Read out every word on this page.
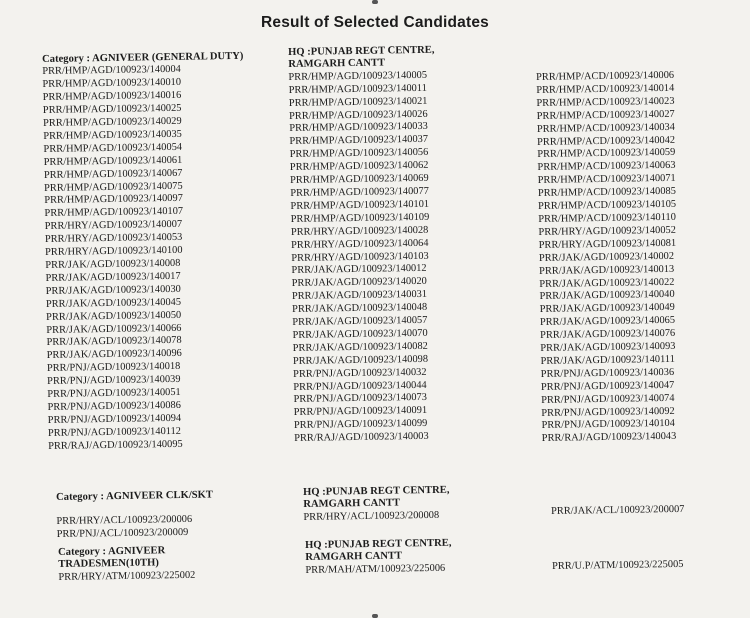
Result of Selected Candidates
Category : AGNIVEER (GENERAL DUTY)
PRR/HMP/AGD/100923/140004
PRR/HMP/AGD/100923/140010
PRR/HMP/AGD/100923/140016
PRR/HMP/AGD/100923/140025
PRR/HMP/AGD/100923/140029
PRR/HMP/AGD/100923/140035
PRR/HMP/AGD/100923/140054
PRR/HMP/AGD/100923/140061
PRR/HMP/AGD/100923/140067
PRR/HMP/AGD/100923/140075
PRR/HMP/AGD/100923/140097
PRR/HMP/AGD/100923/140107
PRR/HRY/AGD/100923/140007
PRR/HRY/AGD/100923/140053
PRR/HRY/AGD/100923/140100
PRR/JAK/AGD/100923/140008
PRR/JAK/AGD/100923/140017
PRR/JAK/AGD/100923/140030
PRR/JAK/AGD/100923/140045
PRR/JAK/AGD/100923/140050
PRR/JAK/AGD/100923/140066
PRR/JAK/AGD/100923/140078
PRR/JAK/AGD/100923/140096
PRR/PNJ/AGD/100923/140018
PRR/PNJ/AGD/100923/140039
PRR/PNJ/AGD/100923/140051
PRR/PNJ/AGD/100923/140086
PRR/PNJ/AGD/100923/140094
PRR/PNJ/AGD/100923/140112
PRR/RAJ/AGD/100923/140095
HQ :PUNJAB REGT CENTRE,
RAMGARH CANTT
PRR/HMP/AGD/100923/140005
PRR/HMP/AGD/100923/140011
PRR/HMP/AGD/100923/140021
PRR/HMP/AGD/100923/140026
PRR/HMP/AGD/100923/140033
PRR/HMP/AGD/100923/140037
PRR/HMP/AGD/100923/140056
PRR/HMP/AGD/100923/140062
PRR/HMP/AGD/100923/140069
PRR/HMP/AGD/100923/140077
PRR/HMP/AGD/100923/140101
PRR/HMP/AGD/100923/140109
PRR/HRY/AGD/100923/140028
PRR/HRY/AGD/100923/140064
PRR/HRY/AGD/100923/140103
PRR/JAK/AGD/100923/140012
PRR/JAK/AGD/100923/140020
PRR/JAK/AGD/100923/140031
PRR/JAK/AGD/100923/140048
PRR/JAK/AGD/100923/140057
PRR/JAK/AGD/100923/140070
PRR/JAK/AGD/100923/140082
PRR/JAK/AGD/100923/140098
PRR/PNJ/AGD/100923/140032
PRR/PNJ/AGD/100923/140044
PRR/PNJ/AGD/100923/140073
PRR/PNJ/AGD/100923/140091
PRR/PNJ/AGD/100923/140099
PRR/RAJ/AGD/100923/140003
PRR/HMP/ACD/100923/140006
PRR/HMP/ACD/100923/140014
PRR/HMP/ACD/100923/140023
PRR/HMP/ACD/100923/140027
PRR/HMP/ACD/100923/140034
PRR/HMP/ACD/100923/140042
PRR/HMP/ACD/100923/140059
PRR/HMP/ACD/100923/140063
PRR/HMP/ACD/100923/140071
PRR/HMP/ACD/100923/140085
PRR/HMP/ACD/100923/140105
PRR/HMP/ACD/100923/140110
PRR/HRY/AGD/100923/140052
PRR/HRY/AGD/100923/140081
PRR/JAK/AGD/100923/140002
PRR/JAK/AGD/100923/140013
PRR/JAK/AGD/100923/140022
PRR/JAK/AGD/100923/140040
PRR/JAK/AGD/100923/140049
PRR/JAK/AGD/100923/140065
PRR/JAK/AGD/100923/140076
PRR/JAK/AGD/100923/140093
PRR/JAK/AGD/100923/140111
PRR/PNJ/AGD/100923/140036
PRR/PNJ/AGD/100923/140047
PRR/PNJ/AGD/100923/140074
PRR/PNJ/AGD/100923/140092
PRR/PNJ/AGD/100923/140104
PRR/RAJ/AGD/100923/140043
Category : AGNIVEER CLK/SKT
PRR/HRY/ACL/100923/200006
PRR/PNJ/ACL/100923/200009
HQ :PUNJAB REGT CENTRE,
RAMGARH CANTT
PRR/HRY/ACL/100923/200008	PRR/JAK/ACL/100923/200007
Category : AGNIVEER
TRADESMEN(10TH)
PRR/HRY/ATM/100923/225002
HQ :PUNJAB REGT CENTRE,
RAMGARH CANTT
PRR/MAH/ATM/100923/225006	PRR/U.P/ATM/100923/225005
